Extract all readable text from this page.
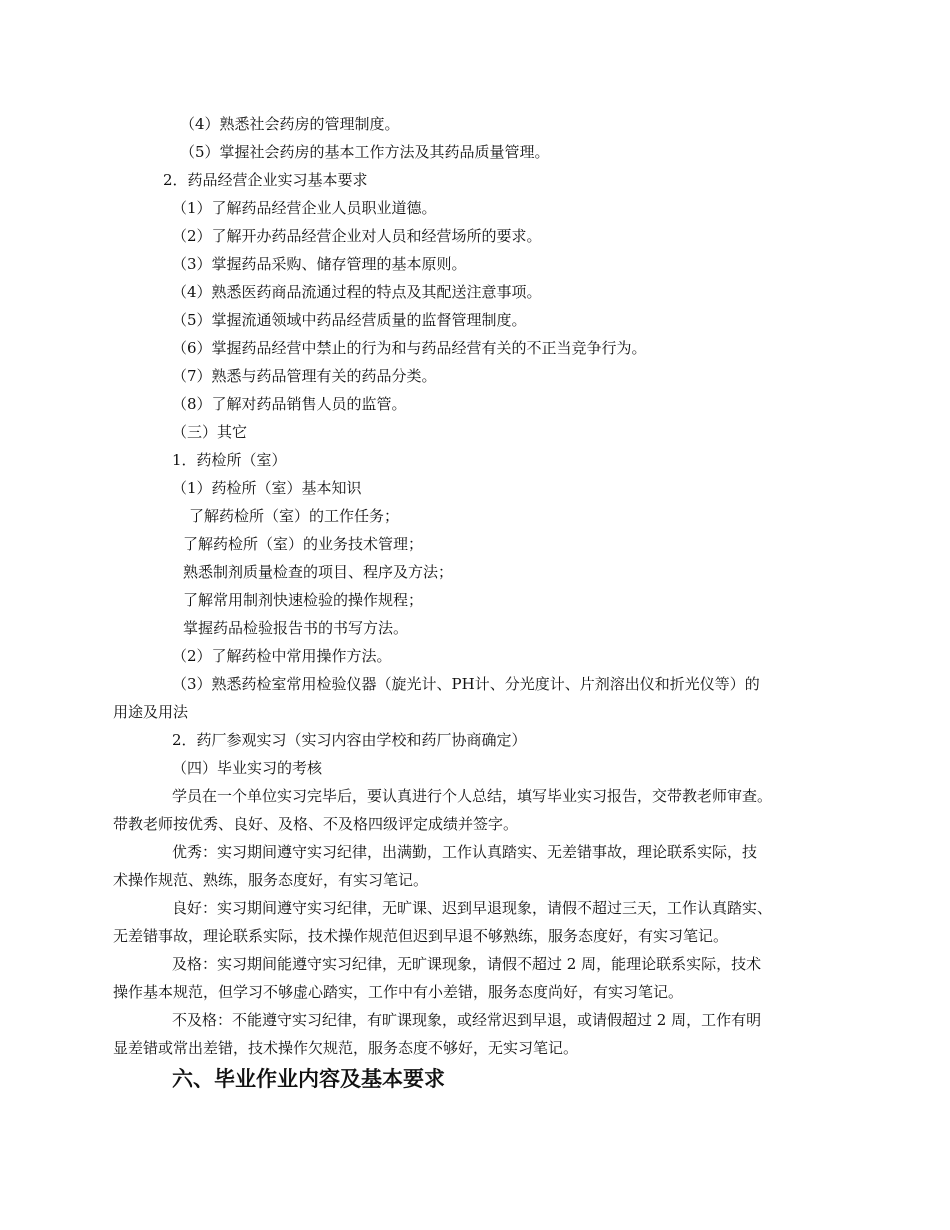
（4）熟悉社会药房的管理制度。
（5）掌握社会药房的基本工作方法及其药品质量管理。
2．药品经营企业实习基本要求
（1）了解药品经营企业人员职业道德。
（2）了解开办药品经营企业对人员和经营场所的要求。
（3）掌握药品采购、储存管理的基本原则。
（4）熟悉医药商品流通过程的特点及其配送注意事项。
（5）掌握流通领域中药品经营质量的监督管理制度。
（6）掌握药品经营中禁止的行为和与药品经营有关的不正当竞争行为。
（7）熟悉与药品管理有关的药品分类。
（8）了解对药品销售人员的监管。
（三）其它
1．药检所（室）
（1）药检所（室）基本知识
了解药检所（室）的工作任务；
了解药检所（室）的业务技术管理；
熟悉制剂质量检查的项目、程序及方法；
了解常用制剂快速检验的操作规程；
掌握药品检验报告书的书写方法。
（2）了解药检中常用操作方法。
（3）熟悉药检室常用检验仪器（旋光计、PH计、分光度计、片剂溶出仪和折光仪等）的
用途及用法
2．药厂参观实习（实习内容由学校和药厂协商确定）
（四）毕业实习的考核
学员在一个单位实习完毕后，要认真进行个人总结，填写毕业实习报告，交带教老师审查。
带教老师按优秀、良好、及格、不及格四级评定成绩并签字。
优秀：实习期间遵守实习纪律，出满勤，工作认真踏实、无差错事故，理论联系实际，技
术操作规范、熟练，服务态度好，有实习笔记。
良好：实习期间遵守实习纪律，无旷课、迟到早退现象，请假不超过三天，工作认真踏实、
无差错事故，理论联系实际，技术操作规范但迟到早退不够熟练，服务态度好，有实习笔记。
及格：实习期间能遵守实习纪律，无旷课现象，请假不超过 2 周，能理论联系实际，技术
操作基本规范，但学习不够虚心踏实，工作中有小差错，服务态度尚好，有实习笔记。
不及格：不能遵守实习纪律，有旷课现象，或经常迟到早退，或请假超过 2 周，工作有明
显差错或常出差错，技术操作欠规范，服务态度不够好，无实习笔记。
六、毕业作业内容及基本要求
